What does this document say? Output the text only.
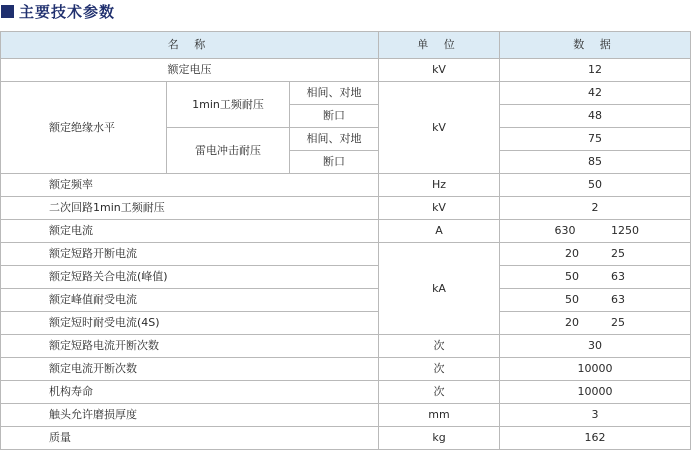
主要技术参数
名 称			单 位	数 据
额定电压			kV	12
额定绝缘水平	1min工频耐压	相间、对地	kV	42
		断口		48
	雷电冲击耐压	相间、对地		75
		断口		85
额定频率			Hz	50
二次回路1min工频耐压			kV	2
额定电流			A	630 1250
额定短路开断电流			kA	20 25
额定短路关合电流(峰值)				50 63
额定峰值耐受电流				50 63
额定短时耐受电流(4S)				20 25
额定短路电流开断次数			次	30
额定电流开断次数			次	10000
机构寿命			次	10000
触头允许磨损厚度			mm	3
质量			kg	162
